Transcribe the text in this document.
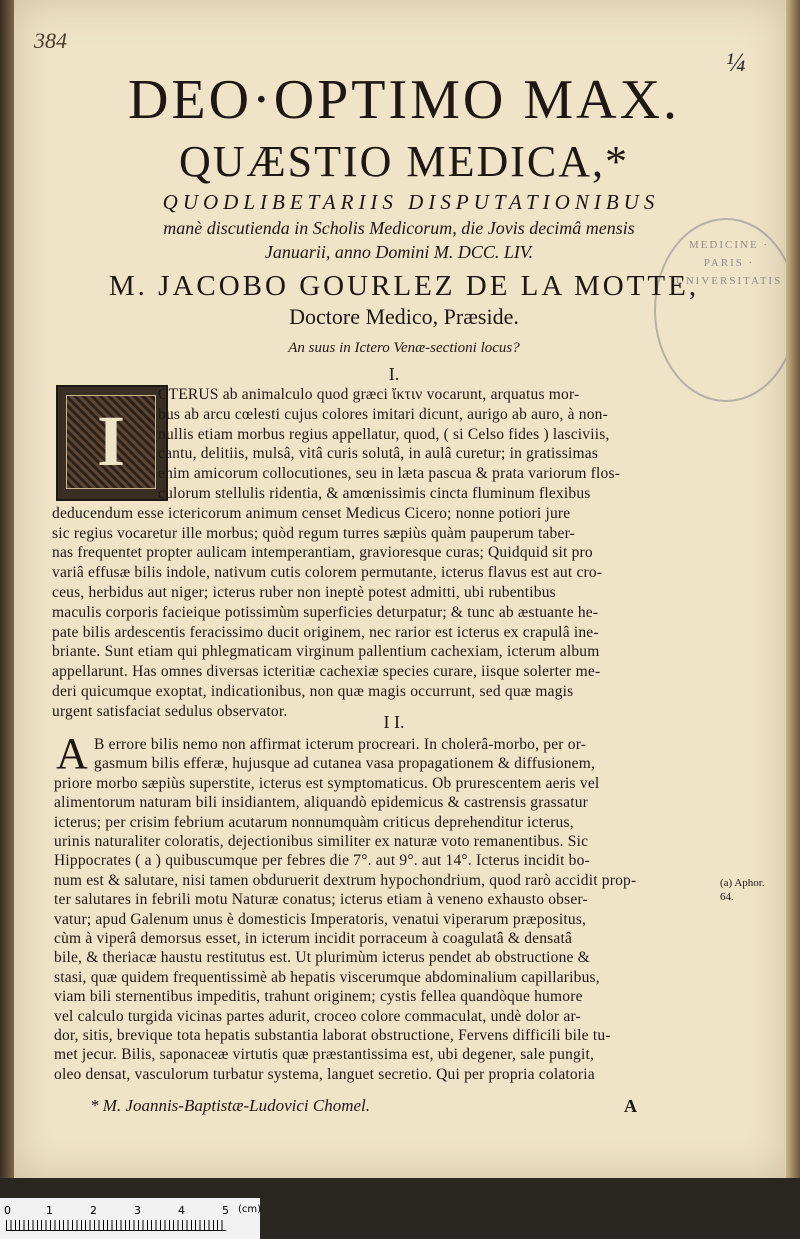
384
¼
MEDICINE · PARIS · UNIVERSITATIS
DEO·OPTIMO MAX.
QUÆSTIO MEDICA,*
QUODLIBETARIIS DISPUTATIONIBUS
manè discutienda in Scholis Medicorum, die Jovis decimâ mensis
Januarii, anno Domini M. DCC. LIV.
M. JACOBO GOURLEZ DE LA MOTTE,
Doctore Medico, Præside.
An suus in Ictero Venæ-sectioni locus?
I.
I
CTERUS ab animalculo quod græci ἴκτιν vocarunt, arquatus mor-
bus ab arcu cœlesti cujus colores imitari dicunt, aurigo ab auro, à non-
nullis etiam morbus regius appellatur, quod, ( si Celso fides ) lasciviis,
cantu, delitiis, mulsâ, vitâ curis solutâ, in aulâ curetur; in gratissimas
enim amicorum collocutiones, seu in læta pascua & prata variorum flos-
culorum stellulis ridentia, & amœnissimis cincta fluminum flexibus
deducendum esse ictericorum animum censet Medicus Cicero; nonne potiori jure
sic regius vocaretur ille morbus; quòd regum turres sæpiùs quàm pauperum taber-
nas frequentet propter aulicam intemperantiam, gravioresque curas; Quidquid sit pro
variâ effusæ bilis indole, nativum cutis colorem permutante, icterus flavus est aut cro-
ceus, herbidus aut niger; icterus ruber non ineptè potest admitti, ubi rubentibus
maculis corporis facieique potissimùm superficies deturpatur; & tunc ab æstuante he-
pate bilis ardescentis feracissimo ducit originem, nec rarior est icterus ex crapulâ ine-
briante. Sunt etiam qui phlegmaticam virginum pallentium cachexiam, icterum album
appellarunt. Has omnes diversas icteritiæ cachexiæ species curare, iisque solerter me-
deri quicumque exoptat, indicationibus, non quæ magis occurrunt, sed quæ magis
urgent satisfaciat sedulus observator.
I I.
A B errore bilis nemo non affirmat icterum procreari. In cholerâ-morbo, per or-
gasmum bilis efferæ, hujusque ad cutanea vasa propagationem & diffusionem,
priore morbo sæpiùs superstite, icterus est symptomaticus. Ob prurescentem aeris vel
alimentorum naturam bili insidiantem, aliquandò epidemicus & castrensis grassatur
icterus; per crisim febrium acutarum nonnumquàm criticus deprehenditur icterus,
urinis naturaliter coloratis, dejectionibus similiter ex naturæ voto remanentibus. Sic
Hippocrates ( a ) quibuscumque per febres die 7°. aut 9°. aut 14°. Icterus incidit bo-
num est & salutare, nisi tamen obduruerit dextrum hypochondrium, quod rarò accidit prop-
ter salutares in febrili motu Naturæ conatus; icterus etiam à veneno exhausto obser-
vatur; apud Galenum unus è domesticis Imperatoris, venatui viperarum præpositus,
cùm à viperâ demorsus esset, in icterum incidit porraceum à coagulatâ & densatâ
bile, & theriacæ haustu restitutus est. Ut plurimùm icterus pendet ab obstructione &
stasi, quæ quidem frequentissimè ab hepatis viscerumque abdominalium capillaribus,
viam bili sternentibus impeditis, trahunt originem; cystis fellea quandòque humore
vel calculo turgida vicinas partes adurit, croceo colore commaculat, undè dolor ar-
dor, sitis, brevique tota hepatis substantia laborat obstructione, Fervens difficili bile tu-
met jecur. Bilis, saponaceæ virtutis quæ præstantissima est, ubi degener, sale pungit,
oleo densat, vasculorum turbatur systema, languet secretio. Qui per propria colatoria
(a) Aphor.
64.
* M. Joannis-Baptistæ-Ludovici Chomel.	A
0	1	2	3	4	5 (cm)
